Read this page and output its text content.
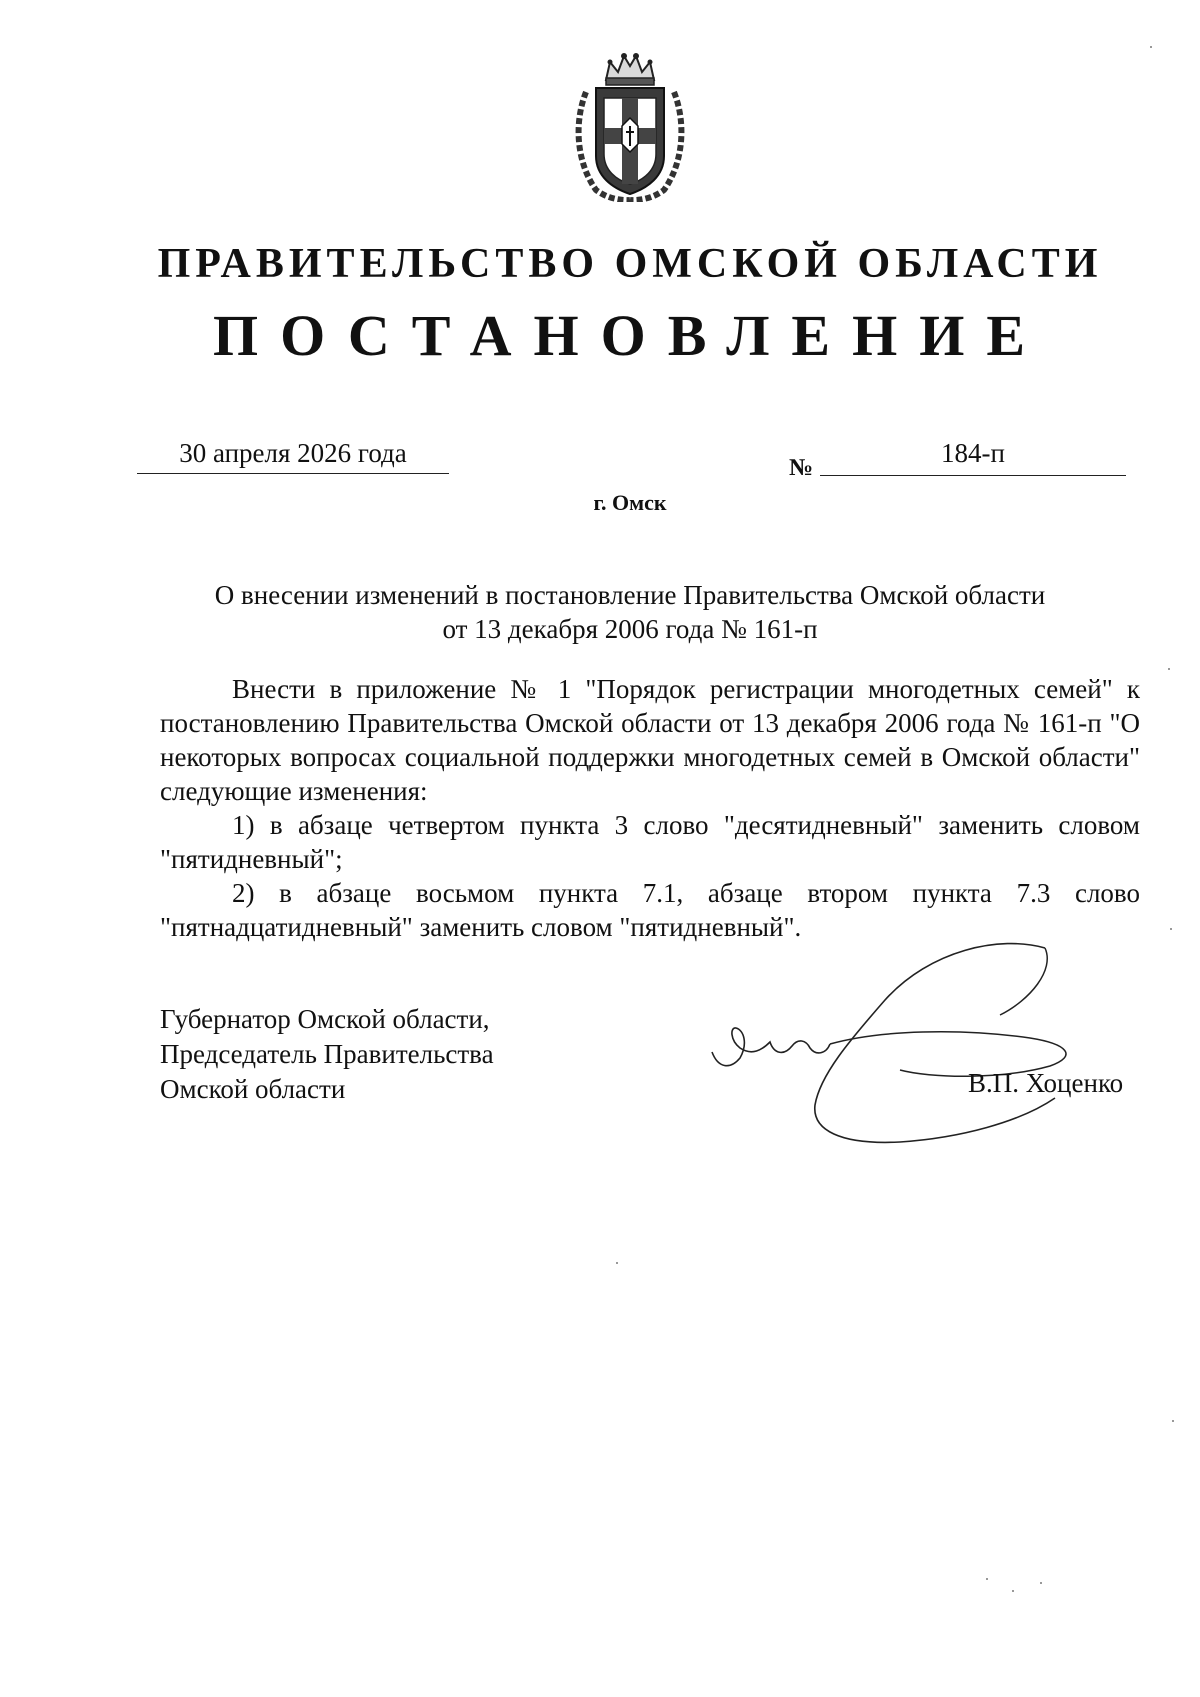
ПРАВИТЕЛЬСТВО ОМСКОЙ ОБЛАСТИ
ПОСТАНОВЛЕНИЕ
30 апреля 2026 года	№	184-п
г. Омск
О внесении изменений в постановление Правительства Омской области
от 13 декабря 2006 года № 161-п

Внести в приложение № 1 "Порядок регистрации многодетных семей" к постановлению Правительства Омской области от 13 декабря 2006 года № 161-п "О некоторых вопросах социальной поддержки многодетных семей в Омской области" следующие изменения:

1) в абзаце четвертом пункта 3 слово "десятидневный" заменить словом "пятидневный";

2) в абзаце восьмом пункта 7.1, абзаце втором пункта 7.3 слово "пятнадцатидневный" заменить словом "пятидневный".

Губернатор Омской области,
Председатель Правительства
Омской области	В.П. Хоценко
